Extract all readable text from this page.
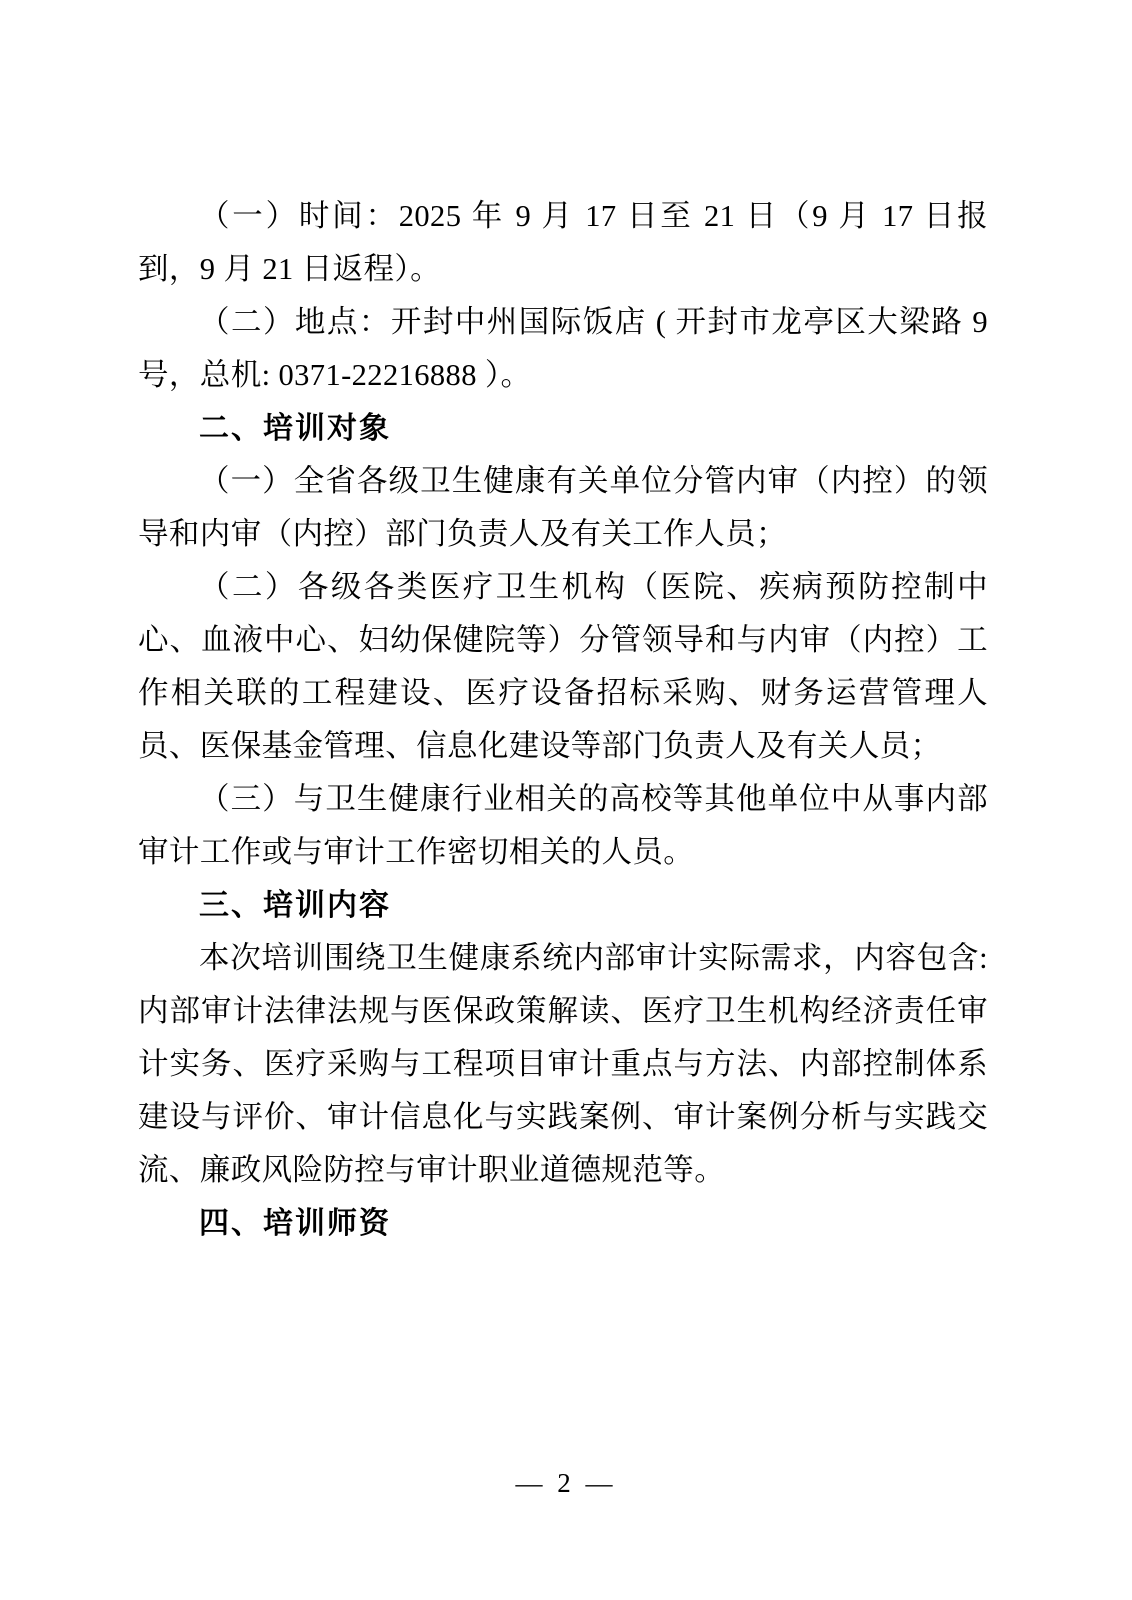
（一）时间：2025 年 9 月 17 日至 21 日（9 月 17 日报到，9 月 21 日返程）。

（二）地点：开封中州国际饭店 ( 开封市龙亭区大梁路 9 号，总机: 0371-22216888 ）。

二、培训对象

（一）全省各级卫生健康有关单位分管内审（内控）的领导和内审（内控）部门负责人及有关工作人员；

（二）各级各类医疗卫生机构（医院、疾病预防控制中心、血液中心、妇幼保健院等）分管领导和与内审（内控）工作相关联的工程建设、医疗设备招标采购、财务运营管理人员、医保基金管理、信息化建设等部门负责人及有关人员；

（三）与卫生健康行业相关的高校等其他单位中从事内部审计工作或与审计工作密切相关的人员。

三、培训内容

本次培训围绕卫生健康系统内部审计实际需求，内容包含: 内部审计法律法规与医保政策解读、医疗卫生机构经济责任审计实务、医疗采购与工程项目审计重点与方法、内部控制体系建设与评价、审计信息化与实践案例、审计案例分析与实践交流、廉政风险防控与审计职业道德规范等。

四、培训师资

— 2 —
